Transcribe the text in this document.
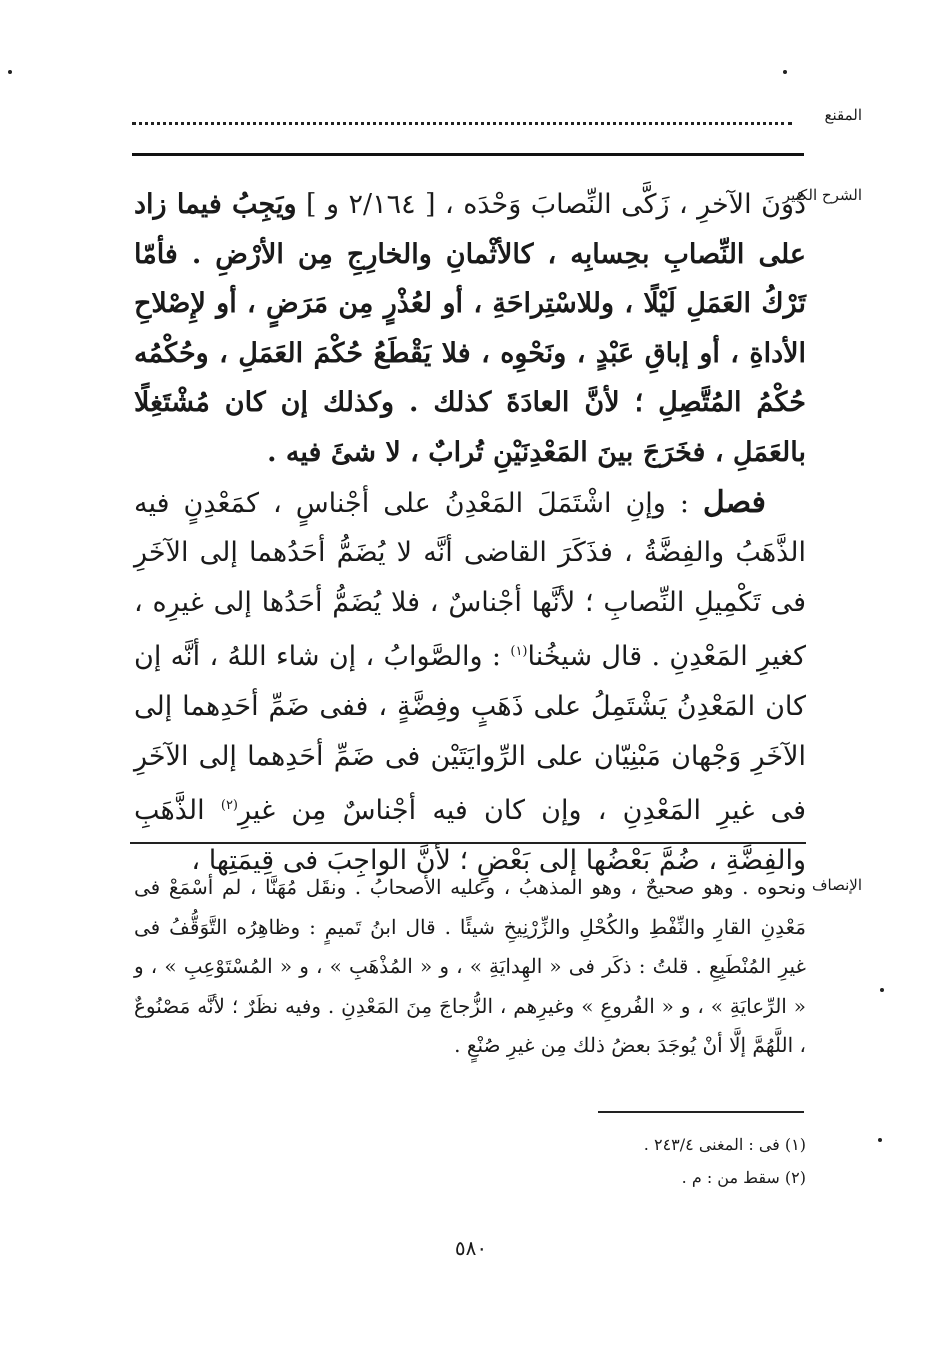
المقنع
الشرح الكبير

دُونَ الآخرِ ، زَكَّى النِّصابَ وَحْدَه ، [ ٢/١٦٤ و ] ويَجِبُ فيما زاد على النِّصابِ بحِسابِه ، كالأثْمانِ والخارِجِ مِن الأرْضِ . فأمّا تَرْكُ العَمَلِ لَيْلًا ، وللاسْتِراحَةِ ، أو لعُذْرٍ مِن مَرَضٍ ، أو لإِصْلاحِ الأداةِ ، أو إباقِ عَبْدٍ ، ونَحْوِه ، فلا يَقْطَعُ حُكْمَ العَمَلِ ، وحُكْمُه حُكْمُ المُتَّصِلِ ؛ لأنَّ العادَةَ كذلك . وكذلك إن كان مُشْتَغِلًا بالعَمَلِ ، فخَرَجَ بينَ المَعْدِنَيْنِ تُرابٌ ، لا شئَ فيه .

فصل : وإنِ اشْتَمَلَ المَعْدِنُ على أجْناسٍ ، كمَعْدِنٍ فيه الذَّهَبُ والفِضَّةُ ، فذَكَرَ القاضى أنَّه لا يُضَمُّ أحَدُهما إلى الآخَرِ فى تَكْمِيلِ النِّصابِ ؛ لأنَّها أجْناسٌ ، فلا يُضَمُّ أحَدُها إلى غيرِه ، كغيرِ المَعْدِنِ . قال شيخُنا$^{(١)}$ : والصَّوابُ ، إن شاء اللهُ ، أنَّه إن كان المَعْدِنُ يَشْتَمِلُ على ذَهَبٍ وفِضَّةٍ ، ففى ضَمِّ أحَدِهما إلى الآخَرِ وَجْهان مَبْنِيّان على الرِّوايَتَيْن فى ضَمِّ أحَدِهما إلى الآخَرِ فى غيرِ المَعْدِنِ ، وإن كان فيه أجْناسٌ مِن غيرِ$^{(٢)}$ الذَّهَبِ والفِضَّةِ ، ضُمَّ بَعْضُها إلى بَعْضٍ ؛ لأنَّ الواجِبَ فى قِيمَتِها ،

الإنصاف

ونحوه . وهو صحيحٌ ، وهو المذهبُ ، وعليه الأصحابُ . ونقَل مُهَنَّا ، لم أسْمَعْ فى مَعْدِنِ القارِ والنِّفْطِ والكُحْلِ والزِّرْنِيخِ شيئًا . قال ابنُ تَميمٍ : وظاهِرُه التَّوَقُّفُ فى غيرِ المُنْطَبِعِ . قلتُ : ذكَر فى « الهِدايَةِ » ، و « المُذْهَبِ » ، و « المُسْتَوْعِبِ » ، و « الرِّعايَةِ » ، و « الفُروعِ » وغيرِهم ، الزُّجاجَ مِنَ المَعْدِنِ . وفيه نظَرٌ ؛ لأنَّه مَصْنُوعٌ ، اللَّهُمَّ إلَّا أنْ يُوجَدَ بعضُ ذلك مِن غيرِ صُنْعٍ .

(١) فى : المغنى ٢٤٣/٤ .

(٢) سقط من : م .

٥٨٠
